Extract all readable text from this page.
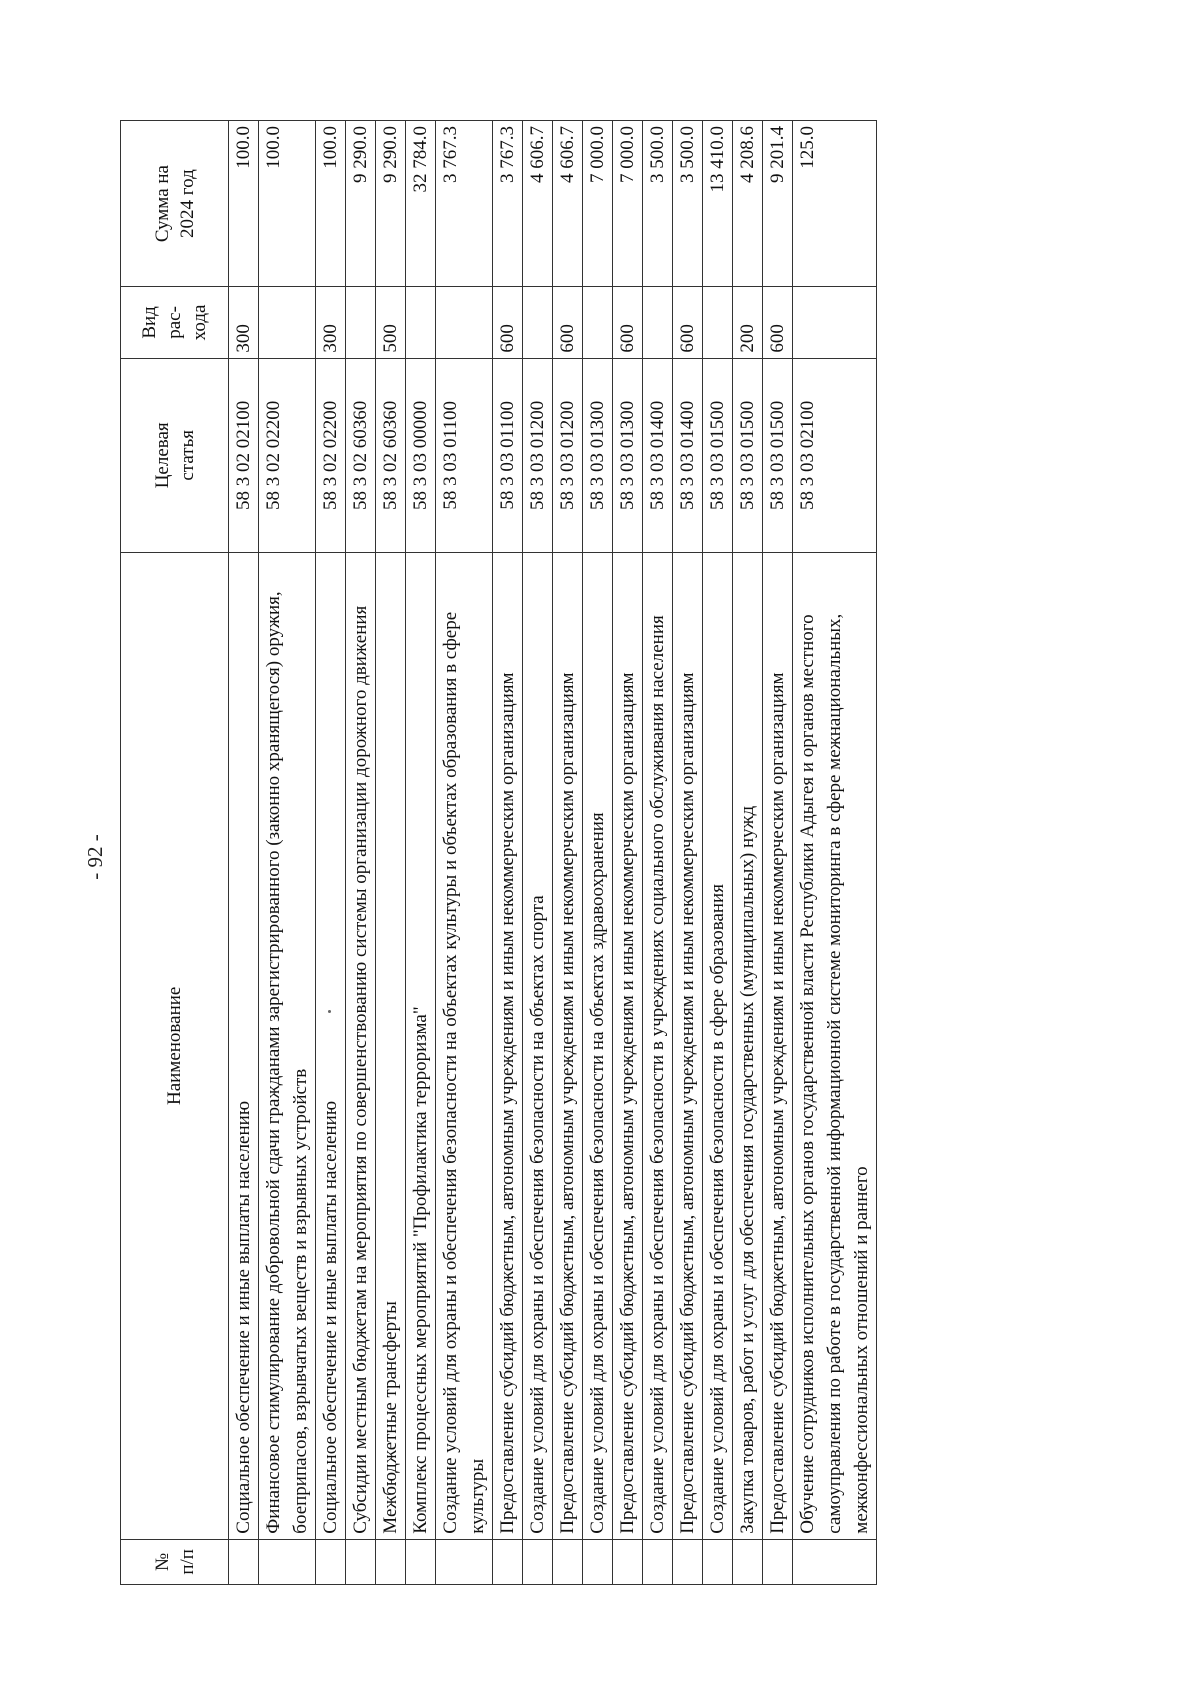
- 92 -
№ п/п	Наименование	Целевая статья	Вид рас- хода	Сумма на 2024 год
	Социальное обеспечение и иные выплаты населению	58 3 02 02100	300	100.0
	Финансовое стимулирование добровольной сдачи гражданами зарегистрированного (законно хранящегося) оружия, боеприпасов, взрывчатых веществ и взрывных устройств	58 3 02 02200		100.0
	Социальное обеспечение и иные выплаты населению	58 3 02 02200	300	100.0
	Субсидии местным бюджетам на мероприятия по совершенствованию системы организации дорожного движения	58 3 02 60360		9 290.0
	Межбюджетные трансферты	58 3 02 60360	500	9 290.0
	Комплекс процессных мероприятий "Профилактика терроризма"	58 3 03 00000		32 784.0
	Создание условий для охраны и обеспечения безопасности на объектах культуры и объектах образования в сфере культуры	58 3 03 01100		3 767.3
	Предоставление субсидий бюджетным, автономным учреждениям и иным некоммерческим организациям	58 3 03 01100	600	3 767.3
	Создание условий для охраны и обеспечения безопасности на объектах спорта	58 3 03 01200		4 606.7
	Предоставление субсидий бюджетным, автономным учреждениям и иным некоммерческим организациям	58 3 03 01200	600	4 606.7
	Создание условий для охраны и обеспечения безопасности на объектах здравоохранения	58 3 03 01300		7 000.0
	Предоставление субсидий бюджетным, автономным учреждениям и иным некоммерческим организациям	58 3 03 01300	600	7 000.0
	Создание условий для охраны и обеспечения безопасности в учреждениях социального обслуживания населения	58 3 03 01400		3 500.0
	Предоставление субсидий бюджетным, автономным учреждениям и иным некоммерческим организациям	58 3 03 01400	600	3 500.0
	Создание условий для охраны и обеспечения безопасности в сфере образования	58 3 03 01500		13 410.0
	Закупка товаров, работ и услуг для обеспечения государственных (муниципальных) нужд	58 3 03 01500	200	4 208.6
	Предоставление субсидий бюджетным, автономным учреждениям и иным некоммерческим организациям	58 3 03 01500	600	9 201.4
	Обучение сотрудников исполнительных органов государственной власти Республики Адыгея и органов местного самоуправления по работе в государственной информационной системе мониторинга в сфере межнациональных, межконфессиональных отношений и раннего	58 3 03 02100		125.0
